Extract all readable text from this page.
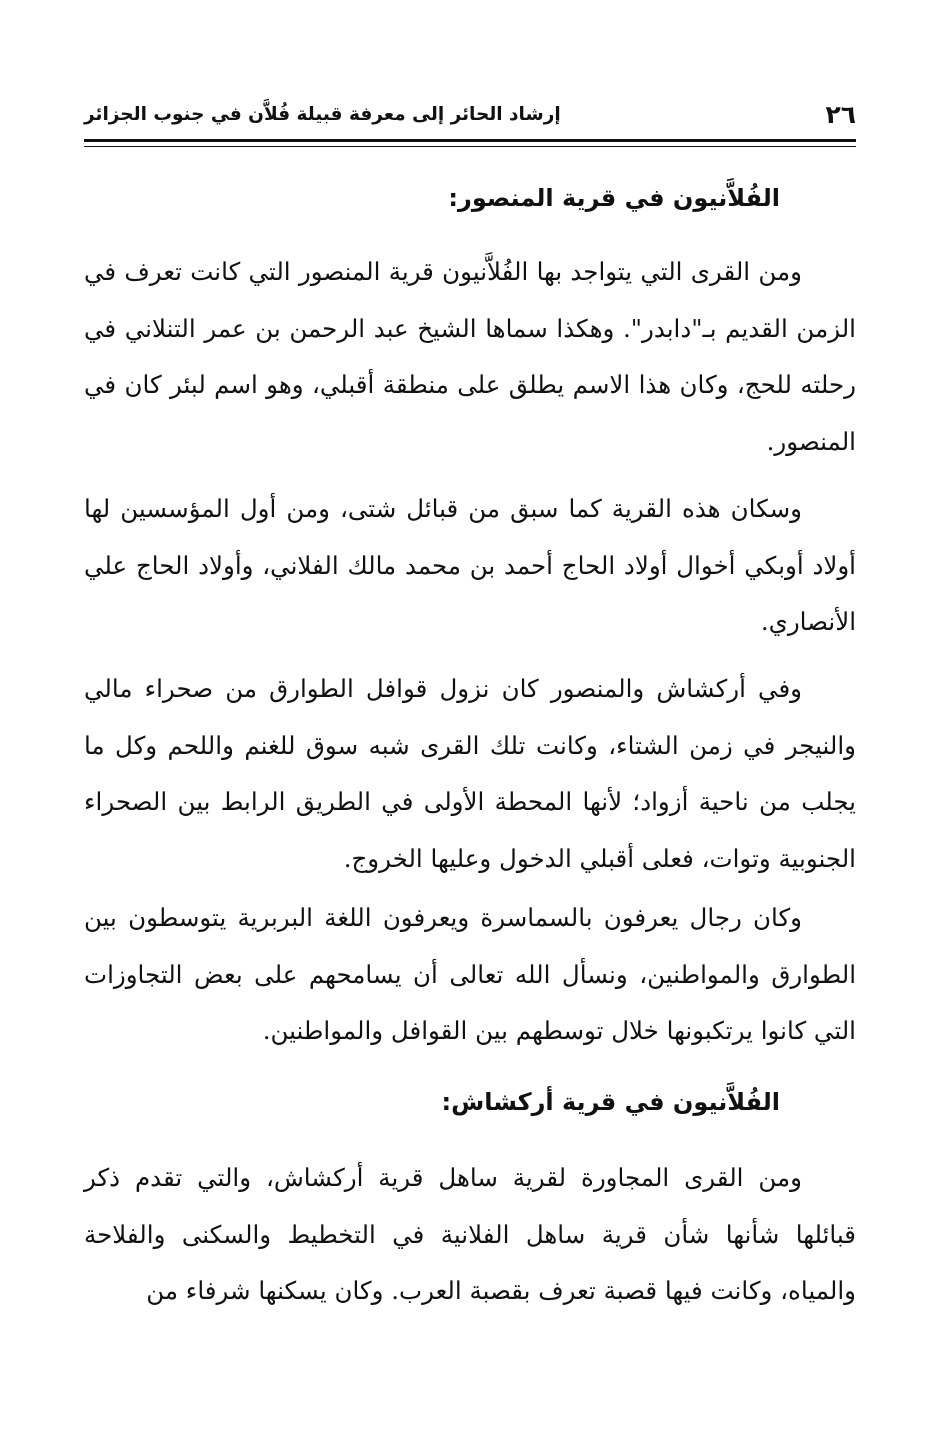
٢٦
إرشاد الحائر إلى معرفة قبيلة فُلاَّن في جنوب الجزائر
الفُلاَّنيون في قرية المنصور:

ومن القرى التي يتواجد بها الفُلاَّنيون قرية المنصور التي كانت تعرف في الزمن القديم بـ"دابدر". وهكذا سماها الشيخ عبد الرحمن بن عمر التنلاني في رحلته للحج، وكان هذا الاسم يطلق على منطقة أقبلي، وهو اسم لبئر كان في المنصور.

وسكان هذه القرية كما سبق من قبائل شتى، ومن أول المؤسسين لها أولاد أوبكي أخوال أولاد الحاج أحمد بن محمد مالك الفلاني، وأولاد الحاج علي الأنصاري.

وفي أركشاش والمنصور كان نزول قوافل الطوارق من صحراء مالي والنيجر في زمن الشتاء، وكانت تلك القرى شبه سوق للغنم واللحم وكل ما يجلب من ناحية أزواد؛ لأنها المحطة الأولى في الطريق الرابط بين الصحراء الجنوبية وتوات، فعلى أقبلي الدخول وعليها الخروج.

وكان رجال يعرفون بالسماسرة ويعرفون اللغة البربرية يتوسطون بين الطوارق والمواطنين، ونسأل الله تعالى أن يسامحهم على بعض التجاوزات التي كانوا يرتكبونها خلال توسطهم بين القوافل والمواطنين.

الفُلاَّنيون في قرية أركشاش:

ومن القرى المجاورة لقرية ساهل قرية أركشاش، والتي تقدم ذكر قبائلها شأنها شأن قرية ساهل الفلانية في التخطيط والسكنى والفلاحة والمياه، وكانت فيها قصبة تعرف بقصبة العرب. وكان يسكنها شرفاء من
